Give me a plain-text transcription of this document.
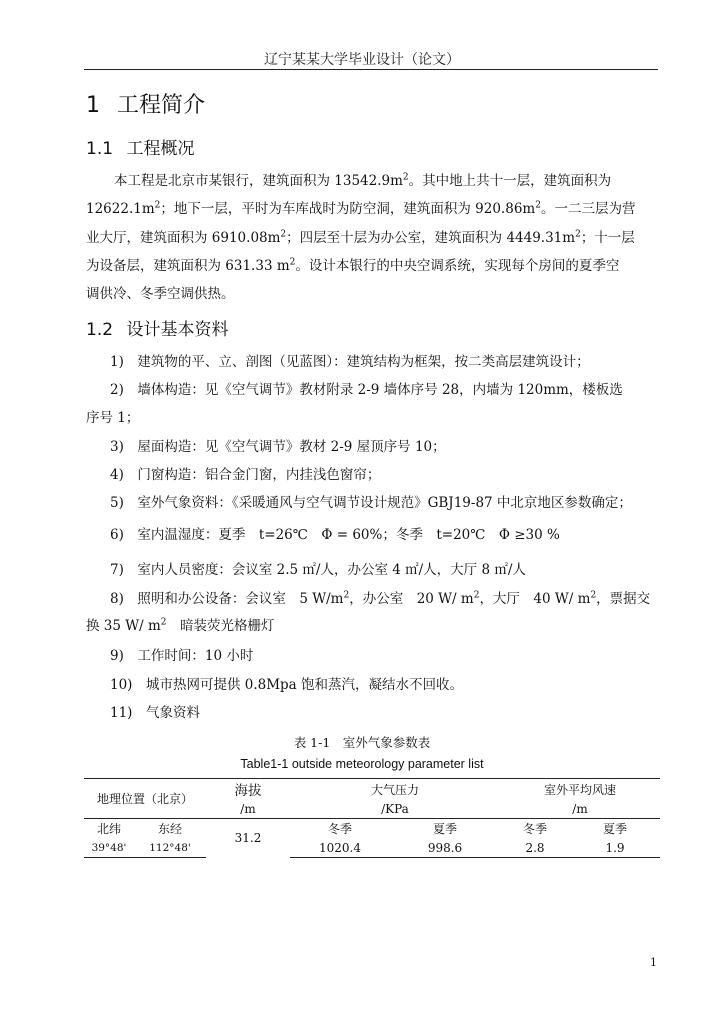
辽宁某某大学毕业设计（论文）
1 工程简介
1.1 工程概况
本工程是北京市某银行，建筑面积为 $13542.9m^2$。其中地上共十一层，建筑面积为
$12622.1m^2$；地下一层，平时为车库战时为防空洞，建筑面积为 $920.86m^2$。一二三层为营
业大厅，建筑面积为 $6910.08m^2$；四层至十层为办公室，建筑面积为 $4449.31m^2$；十一层
为设备层，建筑面积为 631.33 $m^2$。设计本银行的中央空调系统，实现每个房间的夏季空
调供冷、冬季空调供热。
1.2 设计基本资料
1)　建筑物的平、立、剖图（见蓝图）：建筑结构为框架，按二类高层建筑设计；
2)　墙体构造：见《空气调节》教材附录 2-9 墙体序号 28，内墙为 120mm，楼板选
序号 1；
3)　屋面构造：见《空气调节》教材 2-9 屋顶序号 10；
4)　门窗构造：铝合金门窗，内挂浅色窗帘；
5)　室外气象资料：《采暖通风与空气调节设计规范》GBJ19-87 中北京地区参数确定；
6)　室内温湿度：夏季　t=26℃　Φ = 60%；冬季　t=20℃　Φ ≥30 %
7)　室内人员密度：会议室 2.5 ㎡/人，办公室 4 ㎡/人，大厅 8 ㎡/人
8)　照明和办公设备：会议室　5 $W/m^2$，办公室　20 W/ $m^2$，大厅　40 W/ $m^2$，票据交
换 35 W/ $m^2$　暗装荧光格栅灯
9)　工作时间：10 小时
10)　城市热网可提供 0.8Mpa 饱和蒸汽，凝结水不回收。
11)　气象资料
表 1-1　室外气象参数表
Table1-1 outside meteorology parameter list
地理位置（北京）		海拔	大气压力		室外平均风速	
		/m	/KPa		/m	
北纬	东经	31.2	冬季	夏季	冬季	夏季
39°48'	112°48'		1020.4	998.6	2.8	1.9
1
